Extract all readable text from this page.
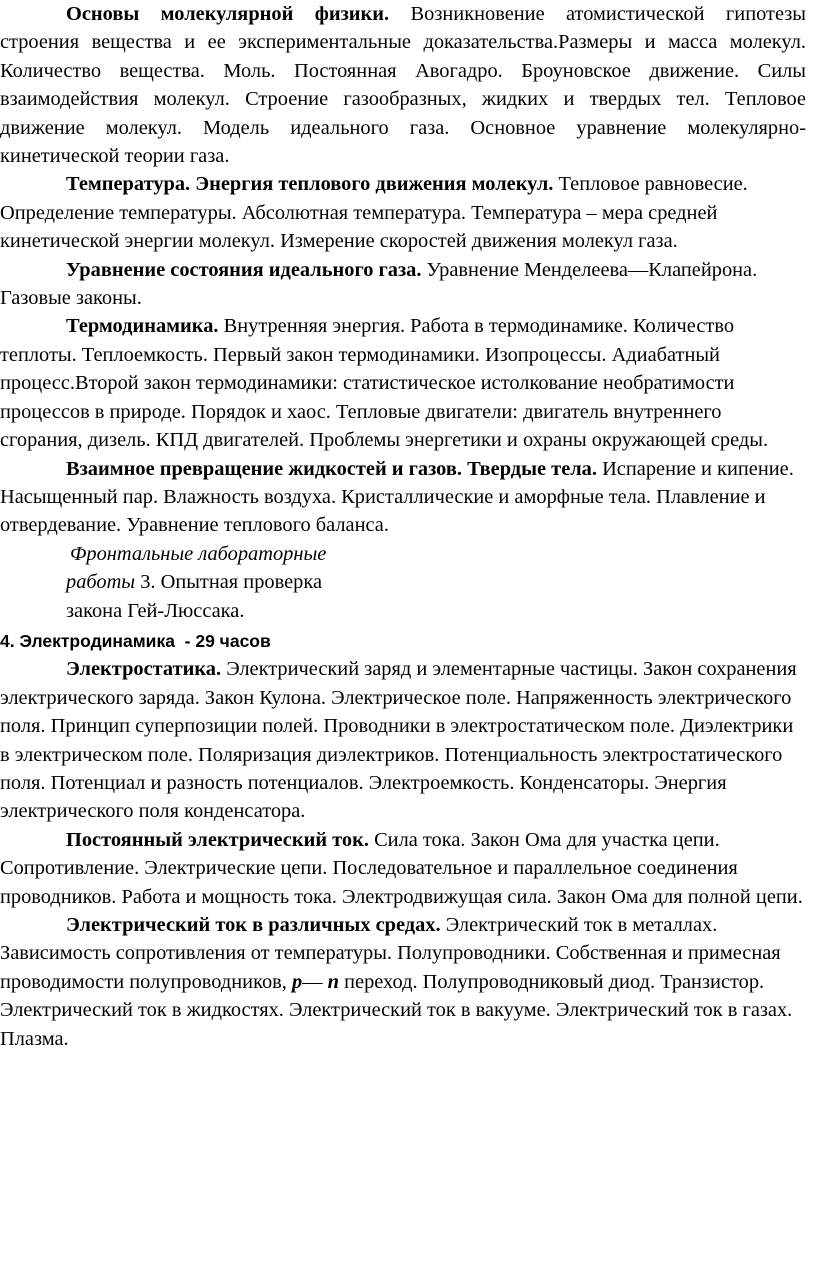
Основы молекулярной физики. Возникновение атомистической гипотезы строения вещества и ее экспериментальные доказательства.Размеры и масса молекул. Количество вещества. Моль. Постоянная Авогадро. Броуновское движение. Силы взаимодействия молекул. Строение газообразных, жидких и твердых тел. Тепловое движение молекул. Модель идеального газа. Основное уравнение молекулярно-кинетической теории газа.

Температура. Энергия теплового движения молекул. Тепловое равновесие. Определение температуры. Абсолютная температура. Температура – мера средней кинетической энергии молекул. Измерение скоростей движения молекул газа.

Уравнение состояния идеального газа. Уравнение Менделеева—Клапейрона.

Газовые законы.

Термодинамика. Внутренняя энергия. Работа в термодинамике. Количество теплоты. Теплоемкость. Первый закон термодинамики. Изопроцессы. Адиабатный процесс.Второй закон термодинамики: статистическое истолкование необратимости процессов в природе. Порядок и хаос. Тепловые двигатели: двигатель внутреннего сгорания, дизель. КПД двигателей. Проблемы энергетики и охраны окружающей среды.

Взаимное превращение жидкостей и газов. Твердые тела. Испарение и кипение. Насыщенный пар. Влажность воздуха. Кристаллические и аморфные тела. Плавление и отвердевание. Уравнение теплового баланса.

Фронтальные лабораторные

работы 3. Опытная проверка

закона Гей-Люссака.

4. Электродинамика  - 29 часов

Электростатика. Электрический заряд и элементарные частицы. Закон сохранения электрического заряда. Закон Кулона. Электрическое поле. Напряженность электрического поля. Принцип суперпозиции полей. Проводники в электростатическом поле. Диэлектрики в электрическом поле. Поляризация диэлектриков. Потенциальность электростатического поля. Потенциал и разность потенциалов. Электроемкость. Конденсаторы. Энергия электрического поля конденсатора.

Постоянный электрический ток. Сила тока. Закон Ома для участка цепи. Сопротивление. Электрические цепи. Последовательное и параллельное соединения проводников. Работа и мощность тока. Электродвижущая сила. Закон Ома для полной цепи.

Электрический ток в различных средах. Электрический ток в металлах. Зависимость сопротивления от температуры. Полупроводники. Собственная и примесная проводимости полупроводников, p— n переход. Полупроводниковый диод. Транзистор.

Электрический ток в жидкостях. Электрический ток в вакууме. Электрический ток в газах.

Плазма.
